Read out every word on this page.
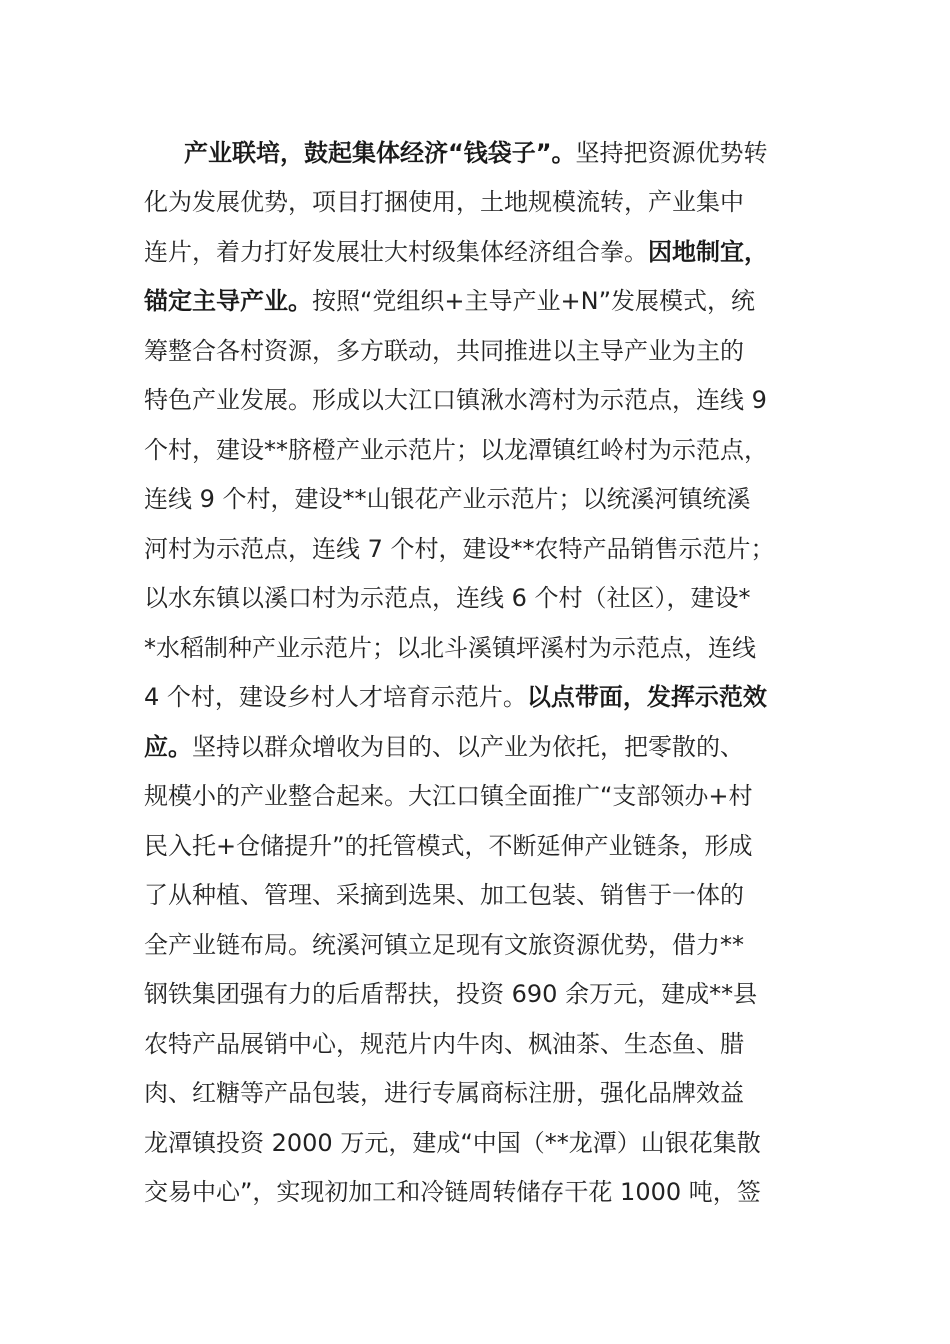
产业联培，鼓起集体经济“钱袋子”。坚持把资源优势转
化为发展优势，项目打捆使用，土地规模流转，产业集中
连片，着力打好发展壮大村级集体经济组合拳。因地制宜，
锚定主导产业。按照“党组织+主导产业+N”发展模式，统
筹整合各村资源，多方联动，共同推进以主导产业为主的
特色产业发展。形成以大江口镇湫水湾村为示范点，连线 9
个村，建设**脐橙产业示范片；以龙潭镇红岭村为示范点，
连线 9 个村，建设**山银花产业示范片；以统溪河镇统溪
河村为示范点，连线 7 个村，建设**农特产品销售示范片；
以水东镇以溪口村为示范点，连线 6 个村（社区），建设*
*水稻制种产业示范片；以北斗溪镇坪溪村为示范点，连线
4 个村，建设乡村人才培育示范片。以点带面，发挥示范效
应。坚持以群众增收为目的、以产业为依托，把零散的、
规模小的产业整合起来。大江口镇全面推广“支部领办+村
民入托+仓储提升”的托管模式，不断延伸产业链条，形成
了从种植、管理、采摘到选果、加工包装、销售于一体的
全产业链布局。统溪河镇立足现有文旅资源优势，借力**
钢铁集团强有力的后盾帮扶，投资 690 余万元，建成**县
农特产品展销中心，规范片内牛肉、枫油茶、生态鱼、腊
肉、红糖等产品包装，进行专属商标注册，强化品牌效益
龙潭镇投资 2000 万元，建成“中国（**龙潭）山银花集散
交易中心”，实现初加工和冷链周转储存干花 1000 吨，签
